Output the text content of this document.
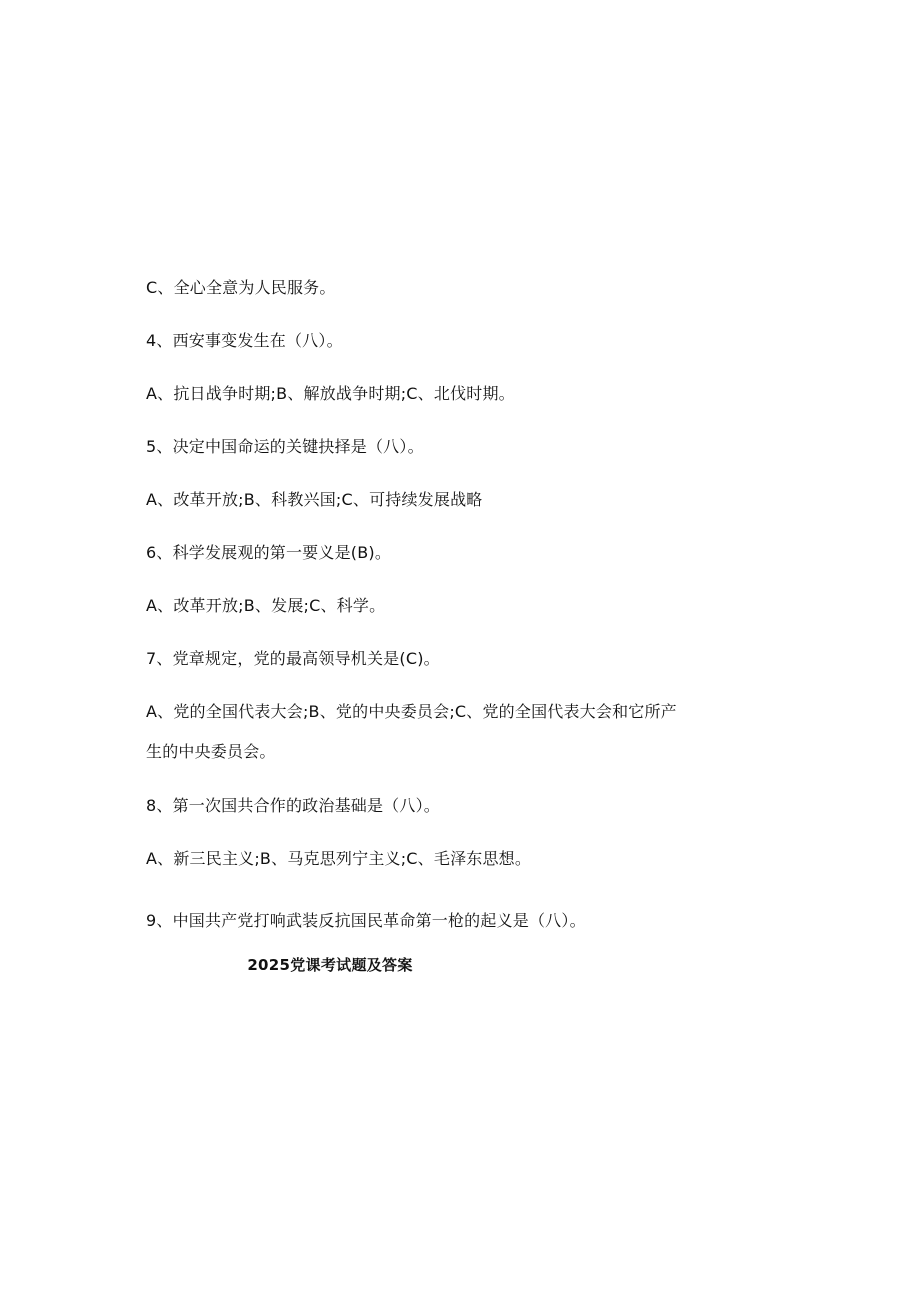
C、全心全意为人民服务。
4、西安事变发生在（八）。
A、抗日战争时期;B、解放战争时期;C、北伐时期。
5、决定中国命运的关键抉择是（八）。
A、改革开放;B、科教兴国;C、可持续发展战略
6、科学发展观的第一要义是(B)。
A、改革开放;B、发展;C、科学。
7、党章规定，党的最高领导机关是(C)。
A、党的全国代表大会;B、党的中央委员会;C、党的全国代表大会和它所产
生的中央委员会。
8、第一次国共合作的政治基础是（八）。
A、新三民主义;B、马克思列宁主义;C、毛泽东思想。
9、中国共产党打响武装反抗国民革命第一枪的起义是（八）。
2025党课考试题及答案
